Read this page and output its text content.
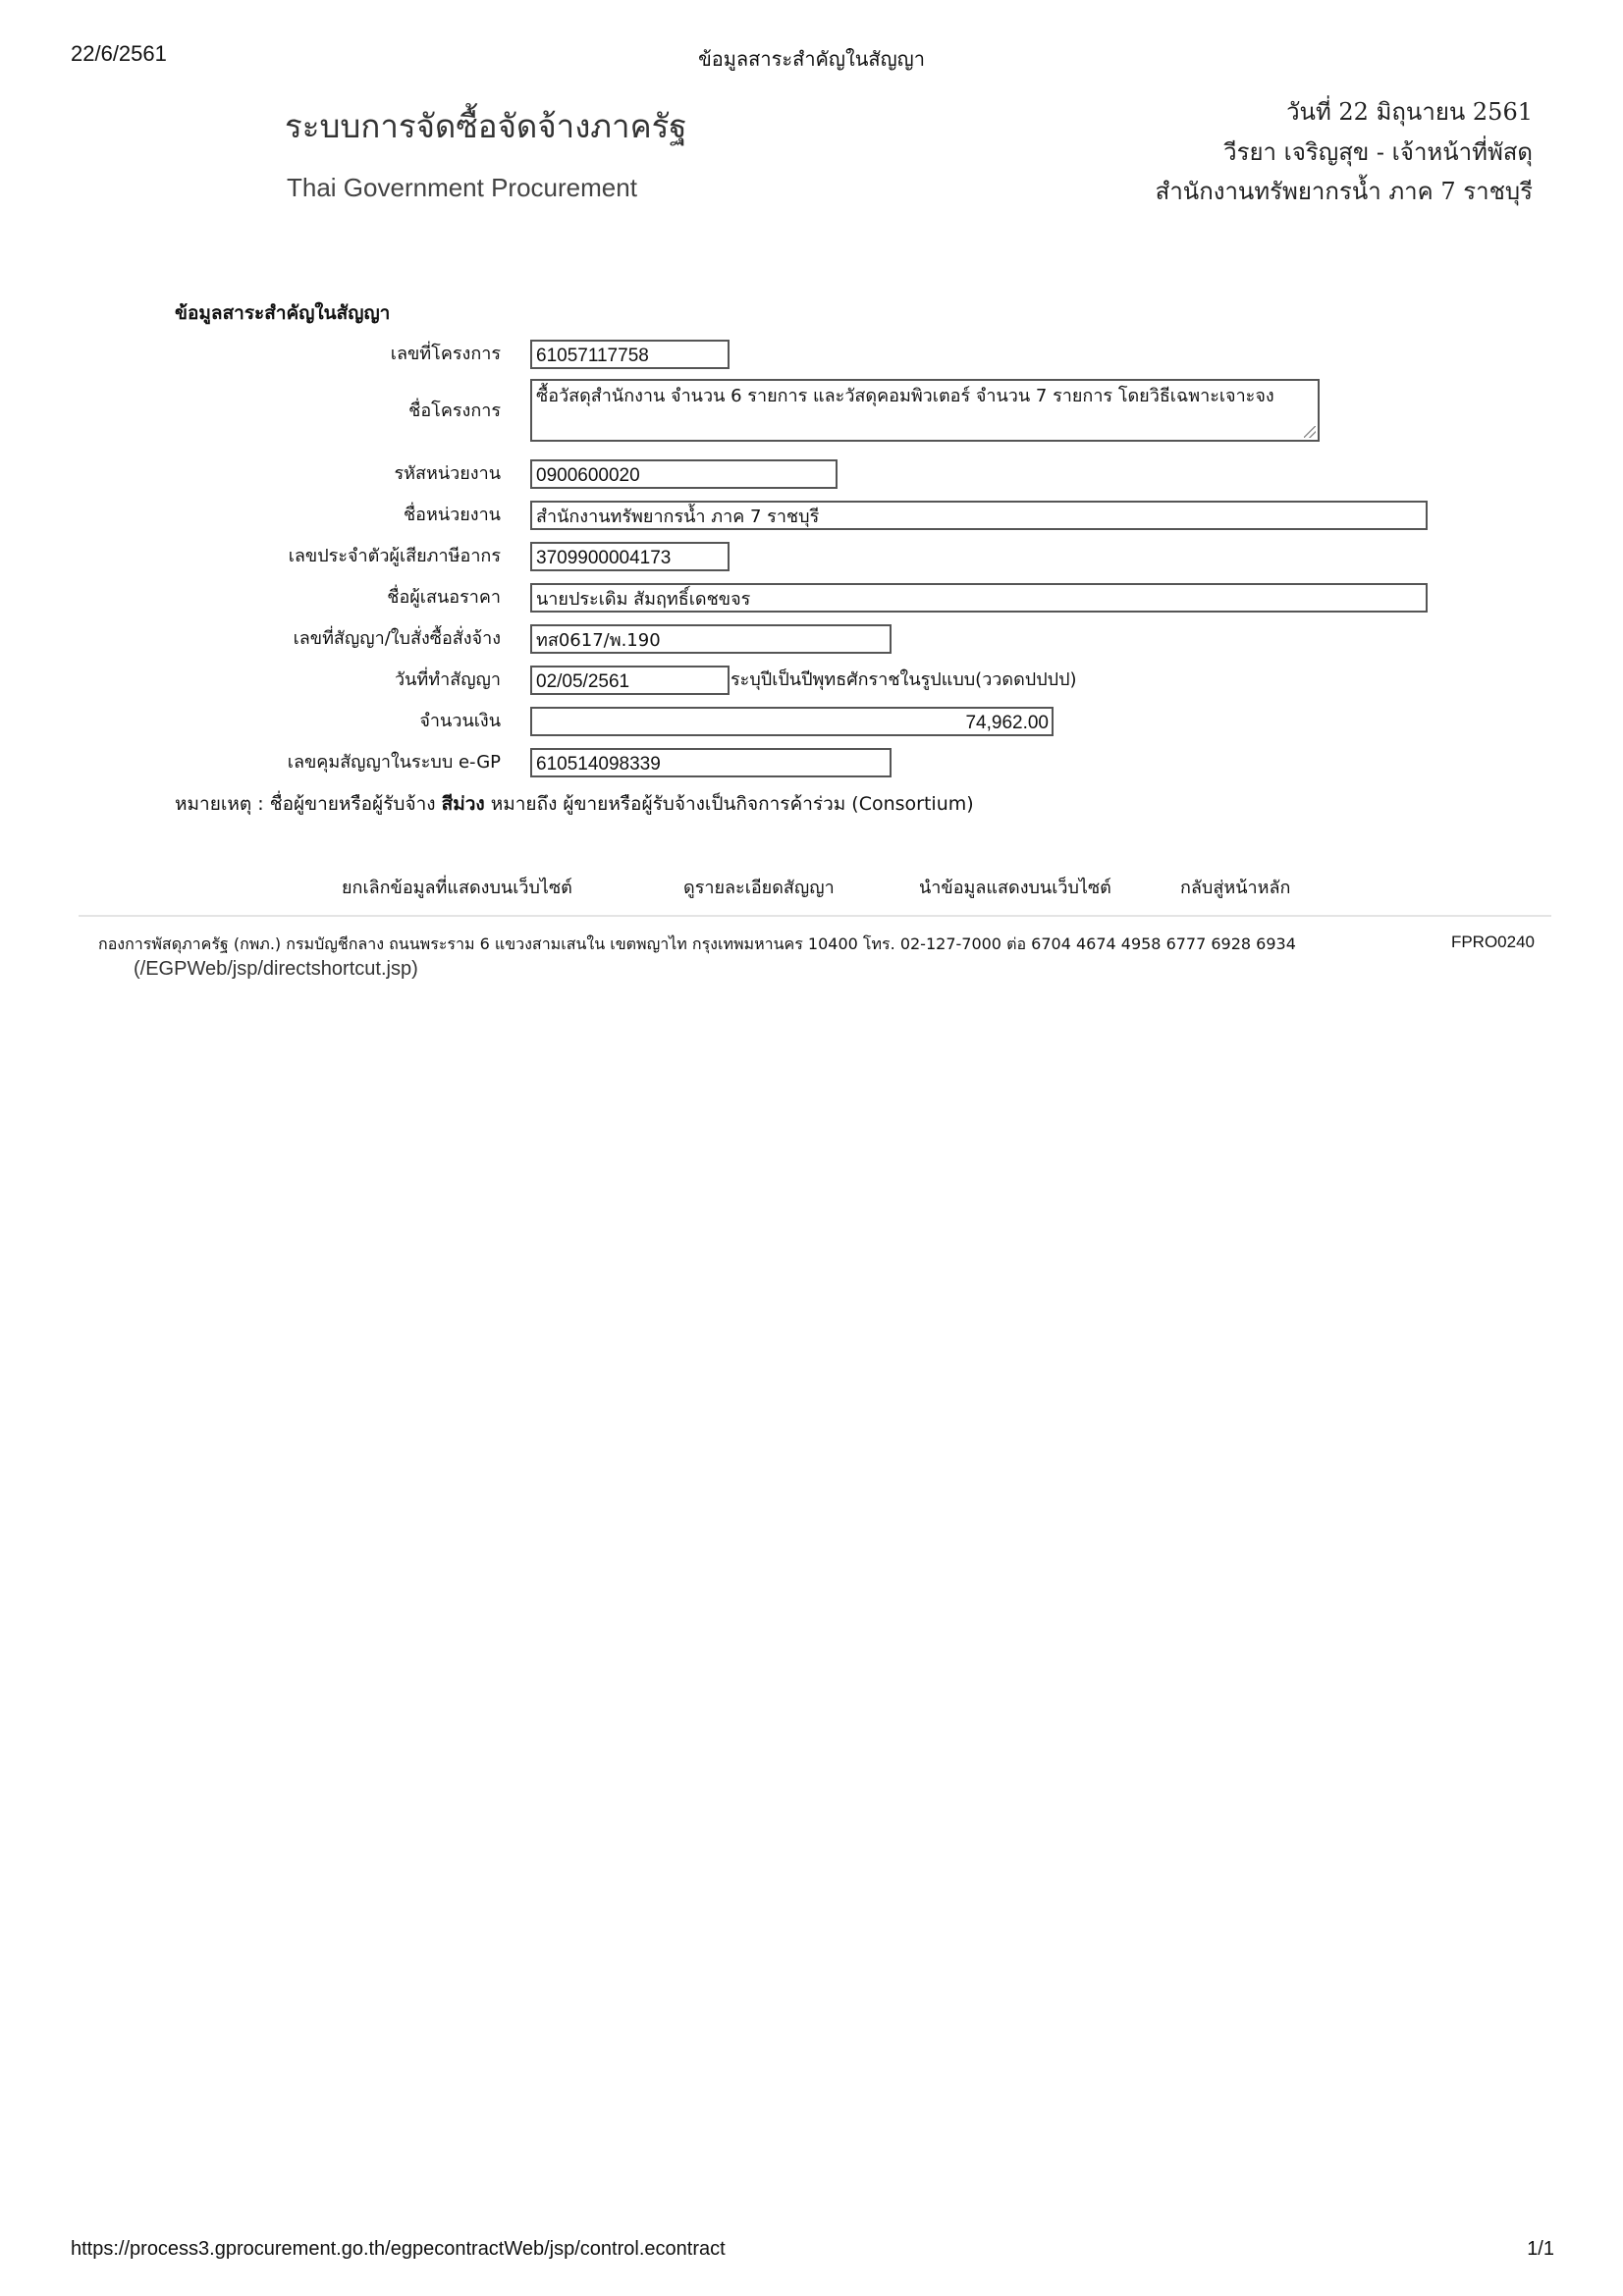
22/6/2561	ข้อมูลสาระสำคัญในสัญญา
ระบบการจัดซื้อจัดจ้างภาครัฐ
Thai Government Procurement
วันที่ 22 มิถุนายน 2561
วีรยา เจริญสุข - เจ้าหน้าที่พัสดุ
สำนักงานทรัพยากรน้ำ ภาค 7 ราชบุรี
ข้อมูลสาระสำคัญในสัญญา
เลขที่โครงการ	61057117758
ชื่อโครงการ
ซื้อวัสดุสำนักงาน จำนวน 6 รายการ และวัสดุคอมพิวเตอร์ จำนวน 7 รายการ โดยวิธีเฉพาะเจาะจง
รหัสหน่วยงาน	0900600020
ชื่อหน่วยงาน	สำนักงานทรัพยากรน้ำ ภาค 7 ราชบุรี
เลขประจำตัวผู้เสียภาษีอากร	3709900004173
ชื่อผู้เสนอราคา	นายประเดิม สัมฤทธิ์เดชขจร
เลขที่สัญญา/ใบสั่งซื้อสั่งจ้าง	ทส0617/พ.190
วันที่ทำสัญญา	02/05/2561	ระบุปีเป็นปีพุทธศักราชในรูปแบบ(ววดดปปปป)
จำนวนเงิน	74,962.00
เลขคุมสัญญาในระบบ e-GP	610514098339
หมายเหตุ : ชื่อผู้ขายหรือผู้รับจ้าง สีม่วง หมายถึง ผู้ขายหรือผู้รับจ้างเป็นกิจการค้าร่วม (Consortium)
ยกเลิกข้อมูลที่แสดงบนเว็บไซต์	ดูรายละเอียดสัญญา	นำข้อมูลแสดงบนเว็บไซต์	กลับสู่หน้าหลัก
กองการพัสดุภาครัฐ (กพภ.) กรมบัญชีกลาง ถนนพระราม 6 แขวงสามเสนใน เขตพญาไท กรุงเทพมหานคร 10400 โทร. 02-127-7000 ต่อ 6704 4674 4958 6777 6928 6934	FPRO0240
(/EGPWeb/jsp/directshortcut.jsp)
https://process3.gprocurement.go.th/egpecontractWeb/jsp/control.econtract	1/1
